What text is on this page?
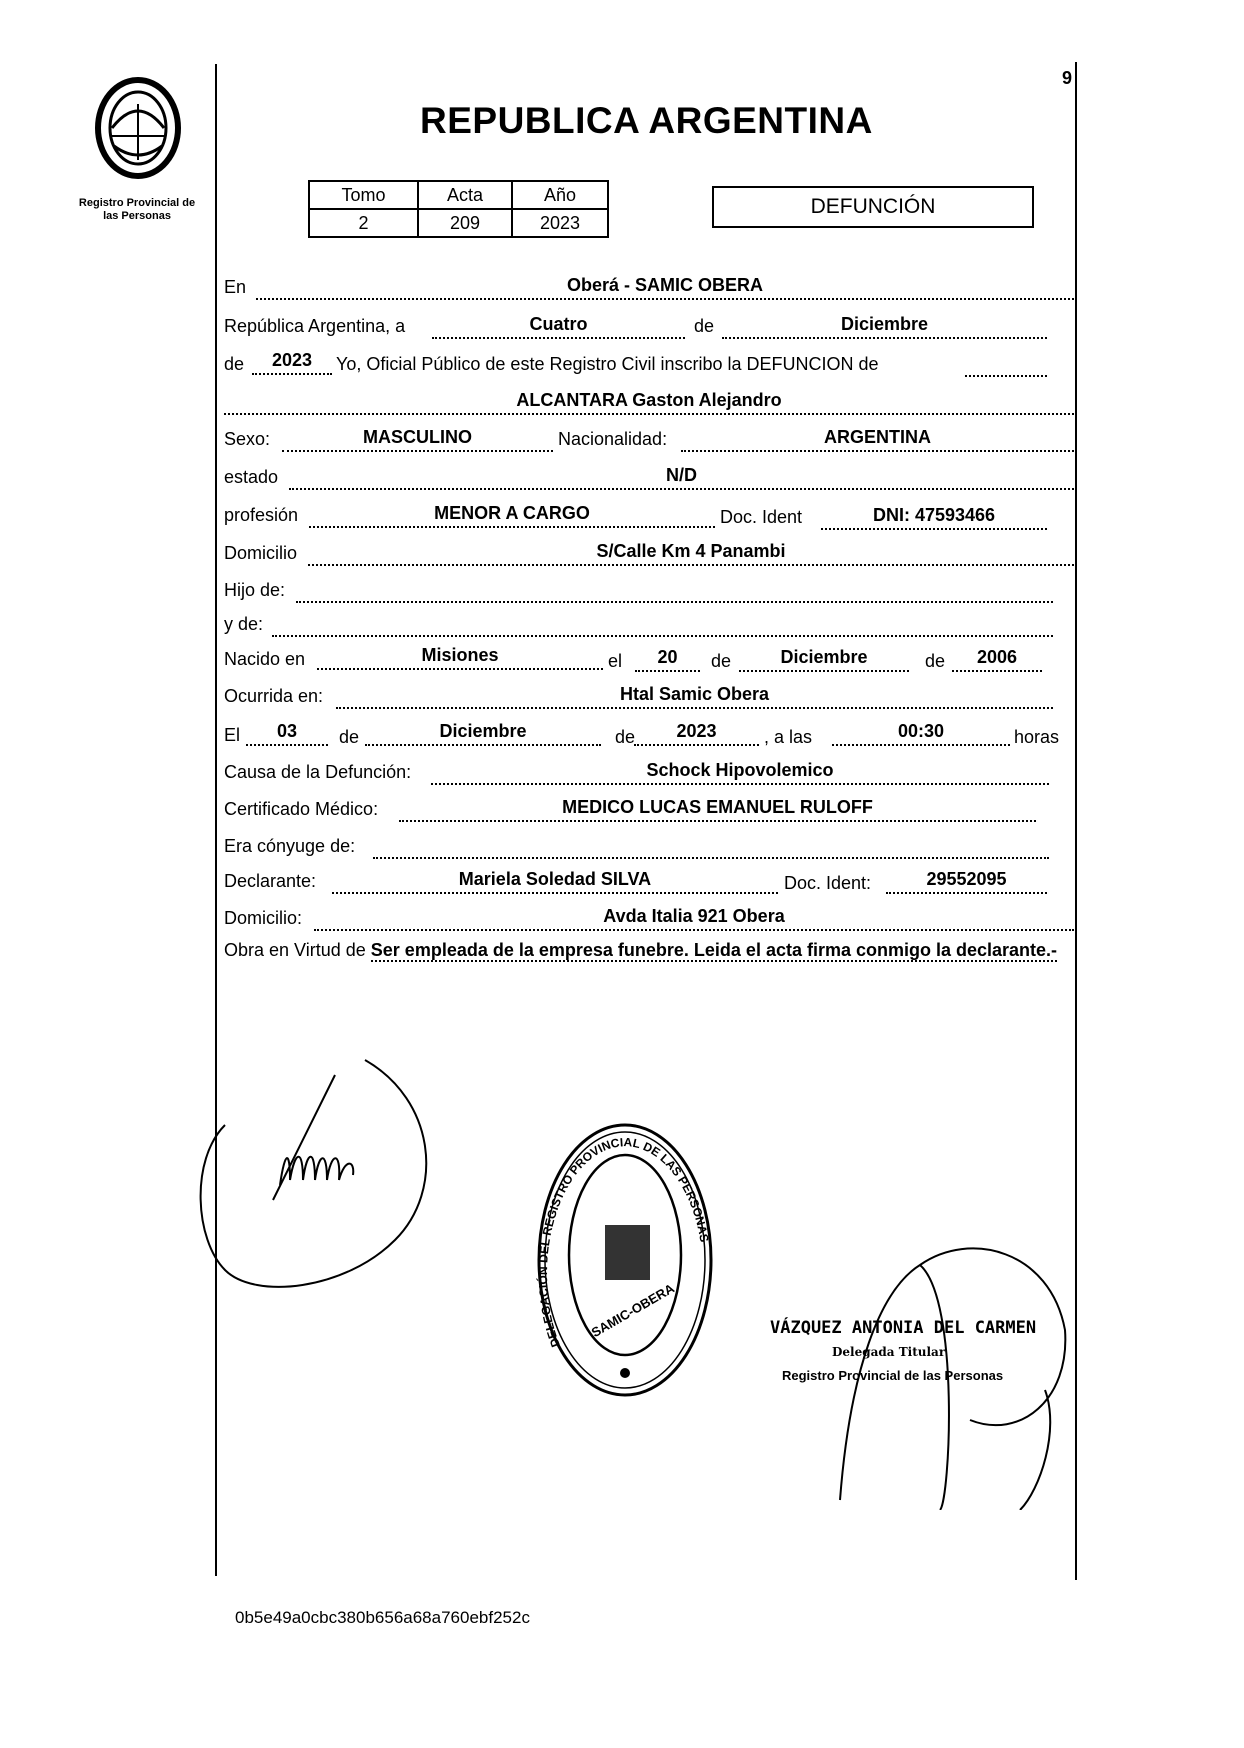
9
Registro Provincial de
las Personas
REPUBLICA ARGENTINA
Tomo	Acta	Año
2	209	2023
DEFUNCIÓN
En	Oberá - SAMIC OBERA
República Argentina, a	Cuatro	de	Diciembre
de	2023	Yo, Oficial Público de este Registro Civil inscribo la DEFUNCION de
ALCANTARA Gaston Alejandro
Sexo:	MASCULINO	Nacionalidad:	ARGENTINA
estado	N/D
profesión	MENOR A CARGO	Doc. Ident	DNI: 47593466
Domicilio	S/Calle Km 4 Panambi
Hijo de:
y de:
Nacido en	Misiones	el	20	de	Diciembre	de	2006
Ocurrida en:	Htal Samic Obera
El	03	de	Diciembre	de	2023	, a las	00:30	horas
Causa de la Defunción:	Schock Hipovolemico
Certificado Médico:	MEDICO LUCAS EMANUEL RULOFF
Era cónyuge de:
Declarante:	Mariela Soledad SILVA	Doc. Ident:	29552095
Domicilio:	Avda Italia 921 Obera
Obra en Virtud de Ser empleada de la empresa funebre. Leida el acta firma conmigo la declarante.-
DELEGACIÓN DEL REGISTRO PROVINCIAL DE LAS PERSONAS
SAMIC-OBERA	VÁZQUEZ ANTONIA DEL CARMEN
Delegada Titular
Registro Provincial de las Personas
0b5e49a0cbc380b656a68a760ebf252c
